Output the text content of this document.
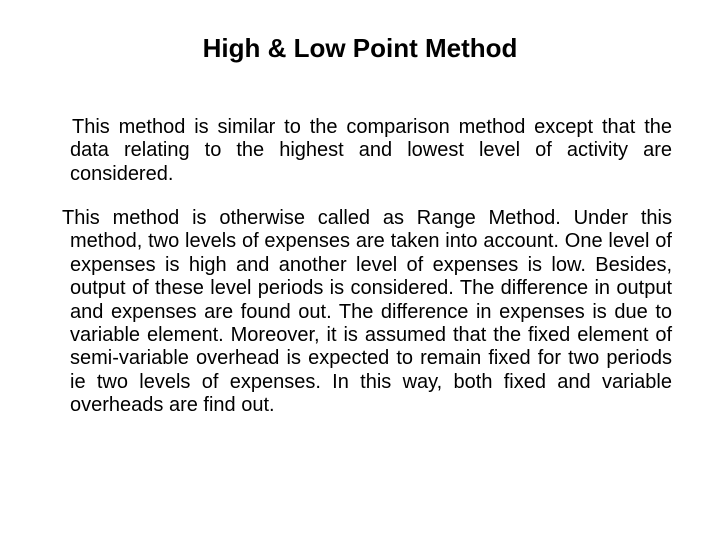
High & Low Point Method

This method is similar to the comparison method except that the data relating to the highest and lowest level of activity are considered.

This method is otherwise called as Range Method. Under this method, two levels of expenses are taken into account. One level of expenses is high and another level of expenses is low. Besides, output of these level periods is considered. The difference in output and expenses are found out. The difference in expenses is due to variable element. Moreover, it is assumed that the fixed element of semi-variable overhead is expected to remain fixed for two periods ie two levels of expenses. In this way, both fixed and variable overheads are find out.
